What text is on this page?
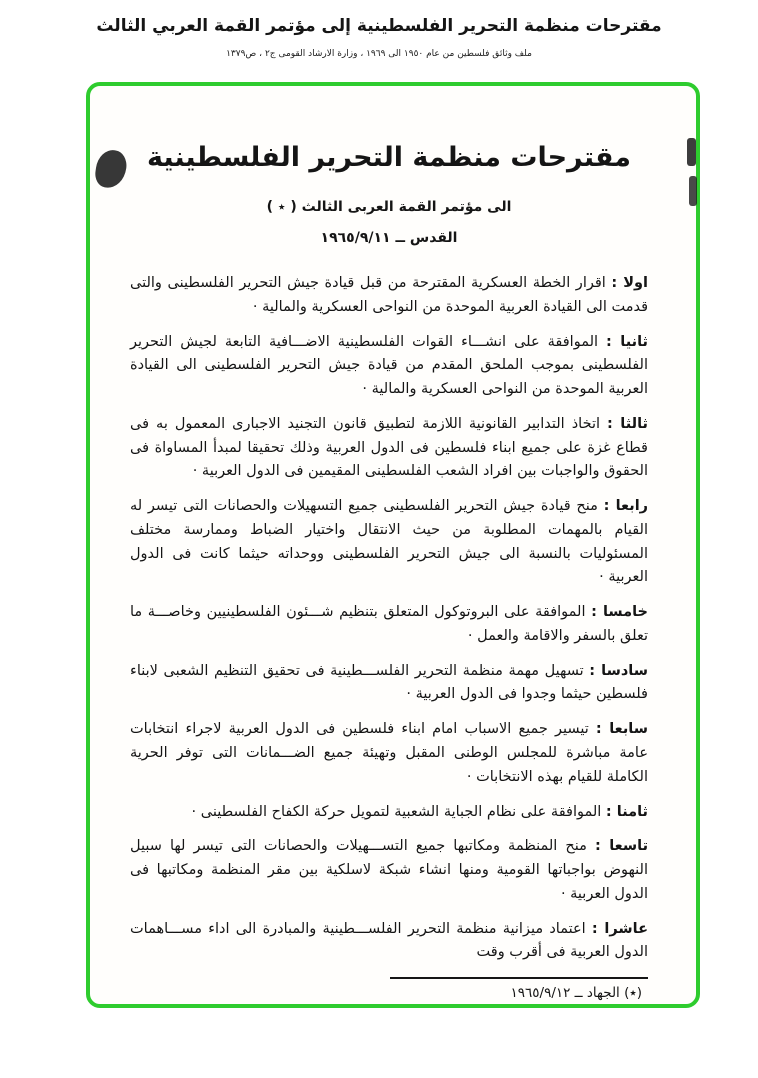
مقترحات منظمة التحرير الفلسطينية إلى مؤتمر القمة العربي الثالث
ملف وثائق فلسطين من عام ١٩٥٠ الى ١٩٦٩ ، وزارة الارشاد القومى ج٢ ، ص١٣٧٩
مقترحات منظمة التحرير الفلسطينية
الى مؤتمر القمة العربى الثالث ( ٭ )
القدس ــ ١٩٦٥/٩/١١

اولا : اقرار الخطة العسكرية المقترحة من قبل قيادة جيش التحرير الفلسطينى والتى قدمت الى القيادة العربية الموحدة من النواحى العسكرية والمالية ·

ثانيا : الموافقة على انشـــاء القوات الفلسطينية الاضـــافية التابعة لجيش التحرير الفلسطينى بموجب الملحق المقدم من قيادة جيش التحرير الفلسطينى الى القيادة العربية الموحدة من النواحى العسكرية والمالية ·

ثالثا : اتخاذ التدابير القانونية اللازمة لتطبيق قانون التجنيد الاجبارى المعمول به فى قطاع غزة على جميع ابناء فلسطين فى الدول العربية وذلك تحقيقا لمبدأ المساواة فى الحقوق والواجبات بين افراد الشعب الفلسطينى المقيمين فى الدول العربية ·

رابعا : منح قيادة جيش التحرير الفلسطينى جميع التسهيلات والحصانات التى تيسر له القيام بالمهمات المطلوبة من حيث الانتقال واختيار الضباط وممارسة مختلف المسئوليات بالنسبة الى جيش التحرير الفلسطينى ووحداته حيثما كانت فى الدول العربية ·

خامسا : الموافقة على البروتوكول المتعلق بتنظيم شـــئون الفلسطينيين وخاصـــة ما تعلق بالسفر والاقامة والعمل ·

سادسا : تسهيل مهمة منظمة التحرير الفلســـطينية فى تحقيق التنظيم الشعبى لابناء فلسطين حيثما وجدوا فى الدول العربية ·

سابعا : تيسير جميع الاسباب امام ابناء فلسطين فى الدول العربية لاجراء انتخابات عامة مباشرة للمجلس الوطنى المقبل وتهيئة جميع الضـــمانات التى توفر الحرية الكاملة للقيام بهذه الانتخابات ·

ثامنا : الموافقة على نظام الجباية الشعبية لتمويل حركة الكفاح الفلسطينى ·

تاسعا : منح المنظمة ومكاتبها جميع التســـهيلات والحصانات التى تيسر لها سبيل النهوض بواجباتها القومية ومنها انشاء شبكة لاسلكية بين مقر المنظمة ومكاتبها فى الدول العربية ·

عاشرا : اعتماد ميزانية منظمة التحرير الفلســـطينية والمبادرة الى اداء مســـاهمات الدول العربية فى أقرب وقت

(٭) الجهاد ــ ١٩٦٥/٩/١٢
